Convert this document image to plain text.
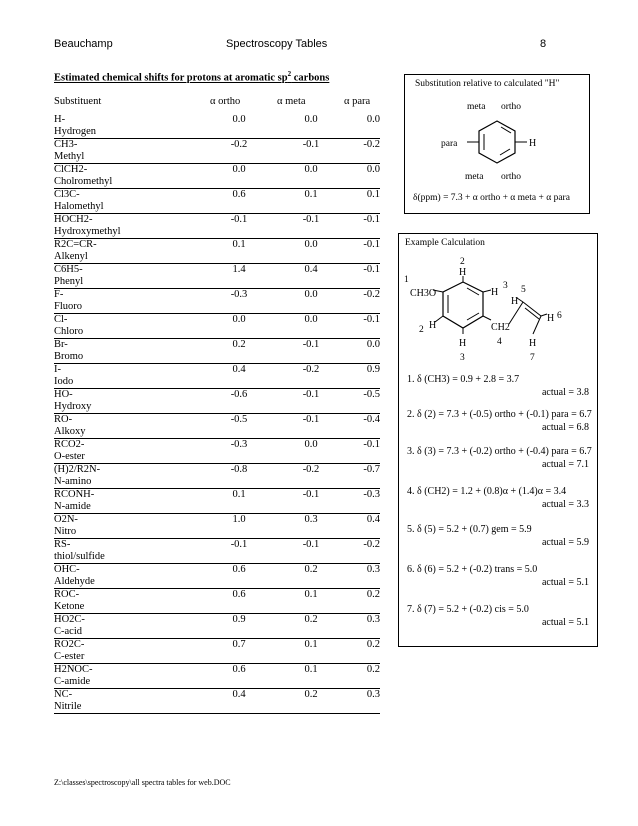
Beauchamp	Spectroscopy Tables	8
Estimated chemical shifts for protons at aromatic $sp^2$ carbons
Substituent	α ortho	α meta	α para
H-
Hydrogen	0.0	0.0	0.0

CH3-
Methyl	-0.2	-0.1	-0.2

ClCH2-
Cholromethyl	0.0	0.0	0.0

Cl3C-
Halomethyl	0.6	0.1	0.1

HOCH2-
Hydroxymethyl	-0.1	-0.1	-0.1

R2C=CR-
Alkenyl	0.1	0.0	-0.1

C6H5-
Phenyl	1.4	0.4	-0.1

F-
Fluoro	-0.3	0.0	-0.2

Cl-
Chloro	0.0	0.0	-0.1

Br-
Bromo	0.2	-0.1	0.0

I-
Iodo	0.4	-0.2	0.9

HO-
Hydroxy	-0.6	-0.1	-0.5

RO-
Alkoxy	-0.5	-0.1	-0.4

RCO2-
O-ester	-0.3	0.0	-0.1

(H)2/R2N-
N-amino	-0.8	-0.2	-0.7

RCONH-
N-amide	0.1	-0.1	-0.3

O2N-
Nitro	1.0	0.3	0.4

RS-
thiol/sulfide	-0.1	-0.1	-0.2

OHC-
Aldehyde	0.6	0.2	0.3

ROC-
Ketone	0.6	0.1	0.2

HO2C-
C-acid	0.9	0.2	0.3

RO2C-
C-ester	0.7	0.1	0.2

H2NOC-
C-amide	0.6	0.1	0.2

NC-
Nitrile	0.4	0.2	0.3
Substitution relative to calculated "H"
meta ortho
para	H
meta ortho
δ(ppm) = 7.3 + α ortho + α meta + α para
Example Calculation
1
CH3O
2
H
H
3 5
H
H 6
2 H	CH2
4
H
3
H
7
1. δ (CH3) = 0.9 + 2.8 = 3.7
actual = 3.8
2. δ (2) = 7.3 + (-0.5) ortho + (-0.1) para = 6.7
actual = 6.8
3. δ (3) = 7.3 + (-0.2) ortho + (-0.4) para = 6.7
actual = 7.1
4. δ (CH2) = 1.2 + (0.8)α + (1.4)α = 3.4
actual = 3.3
5. δ (5) = 5.2 + (0.7) gem = 5.9
actual = 5.9
6. δ (6) = 5.2 + (-0.2) trans = 5.0
actual = 5.1
7. δ (7) = 5.2 + (-0.2) cis = 5.0
actual = 5.1
Z:\classes\spectroscopy\all spectra tables for web.DOC
